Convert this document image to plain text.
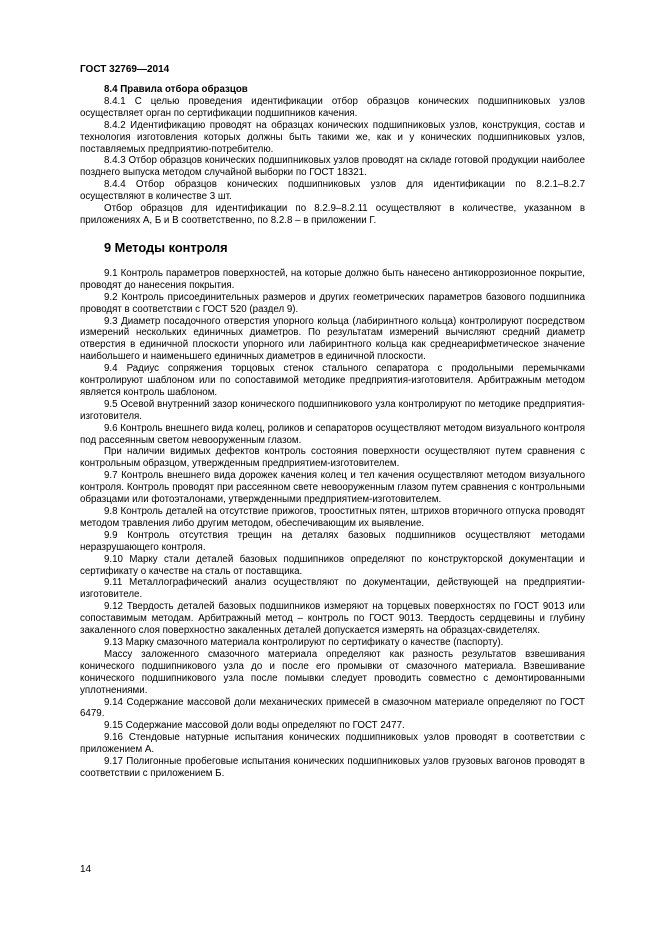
ГОСТ 32769—2014
8.4 Правила отбора образцов

8.4.1 С целью проведения идентификации отбор образцов конических подшипниковых узлов осуществляет орган по сертификации подшипников качения.

8.4.2 Идентификацию проводят на образцах конических подшипниковых узлов, конструкция, состав и технология изготовления которых должны быть такими же, как и у конических подшипниковых узлов, поставляемых предприятию-потребителю.

8.4.3 Отбор образцов конических подшипниковых узлов проводят на складе готовой продукции наиболее позднего выпуска методом случайной выборки по ГОСТ 18321.

8.4.4 Отбор образцов конических подшипниковых узлов для идентификации по 8.2.1–8.2.7 осуществляют в количестве 3 шт.

Отбор образцов для идентификации по 8.2.9–8.2.11 осуществляют в количестве, указанном в приложениях А, Б и В соответственно, по 8.2.8 – в приложении Г.

9 Методы контроля

9.1 Контроль параметров поверхностей, на которые должно быть нанесено антикоррозионное покрытие, проводят до нанесения покрытия.

9.2 Контроль присоединительных размеров и других геометрических параметров базового подшипника проводят в соответствии с ГОСТ 520 (раздел 9).

9.3 Диаметр посадочного отверстия упорного кольца (лабиринтного кольца) контролируют посредством измерений нескольких единичных диаметров. По результатам измерений вычисляют средний диаметр отверстия в единичной плоскости упорного или лабиринтного кольца как среднеарифметическое значение наибольшего и наименьшего единичных диаметров в единичной плоскости.

9.4 Радиус сопряжения торцовых стенок стального сепаратора с продольными перемычками контролируют шаблоном или по сопоставимой методике предприятия-изготовителя. Арбитражным методом является контроль шаблоном.

9.5 Осевой внутренний зазор конического подшипникового узла контролируют по методике предприятия-изготовителя.

9.6 Контроль внешнего вида колец, роликов и сепараторов осуществляют методом визуального контроля под рассеянным светом невооруженным глазом.

При наличии видимых дефектов контроль состояния поверхности осуществляют путем сравнения с контрольным образцом, утвержденным предприятием-изготовителем.

9.7 Контроль внешнего вида дорожек качения колец и тел качения осуществляют методом визуального контроля. Контроль проводят при рассеянном свете невооруженным глазом путем сравнения с контрольными образцами или фотоэталонами, утвержденными предприятием-изготовителем.

9.8 Контроль деталей на отсутствие прижогов, трооститных пятен, штрихов вторичного отпуска проводят методом травления либо другим методом, обеспечивающим их выявление.

9.9 Контроль отсутствия трещин на деталях базовых подшипников осуществляют методами неразрушающего контроля.

9.10 Марку стали деталей базовых подшипников определяют по конструкторской документации и сертификату о качестве на сталь от поставщика.

9.11 Металлографический анализ осуществляют по документации, действующей на предприятии-изготовителе.

9.12 Твердость деталей базовых подшипников измеряют на торцевых поверхностях по ГОСТ 9013 или сопоставимым методам. Арбитражный метод – контроль по ГОСТ 9013. Твердость сердцевины и глубину закаленного слоя поверхностно закаленных деталей допускается измерять на образцах-свидетелях.

9.13 Марку смазочного материала контролируют по сертификату о качестве (паспорту).

Массу заложенного смазочного материала определяют как разность результатов взвешивания конического подшипникового узла до и после его промывки от смазочного материала. Взвешивание конического подшипникового узла после помывки следует проводить совместно с демонтированными уплотнениями.

9.14 Содержание массовой доли механических примесей в смазочном материале определяют по ГОСТ 6479.

9.15 Содержание массовой доли воды определяют по ГОСТ 2477.

9.16 Стендовые натурные испытания конических подшипниковых узлов проводят в соответствии с приложением А.

9.17 Полигонные пробеговые испытания конических подшипниковых узлов грузовых вагонов проводят в соответствии с приложением Б.

14
